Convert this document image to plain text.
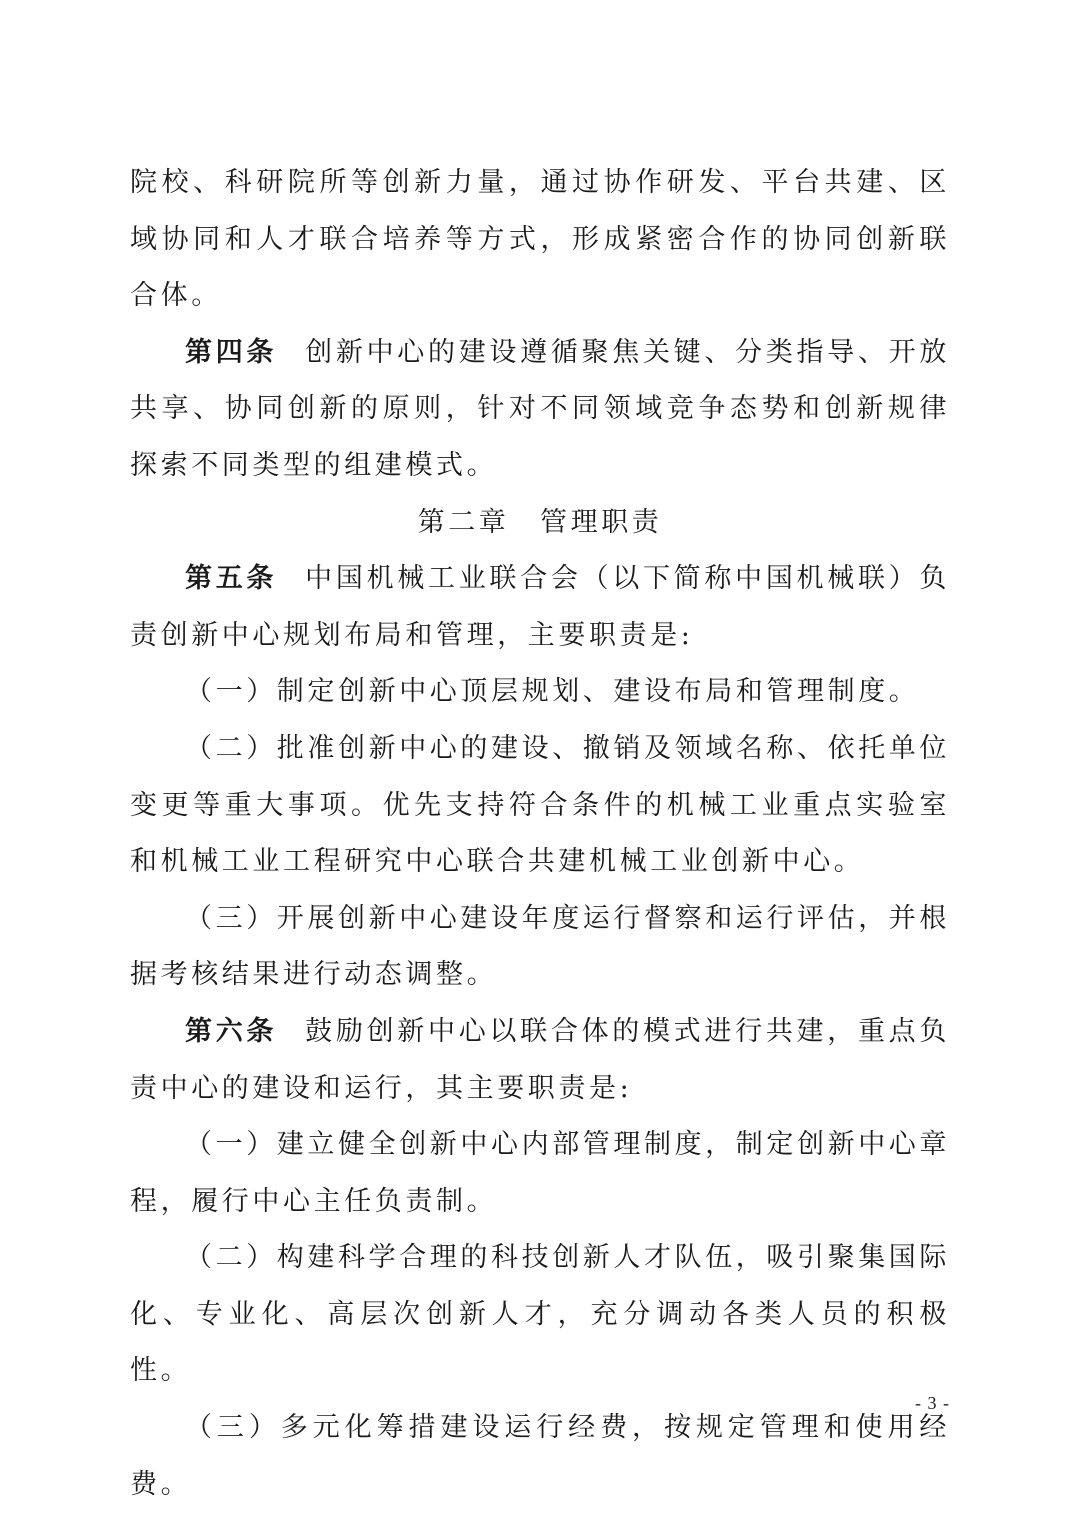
院校、科研院所等创新力量，通过协作研发、平台共建、区域协同和人才联合培养等方式，形成紧密合作的协同创新联合体。

第四条 创新中心的建设遵循聚焦关键、分类指导、开放共享、协同创新的原则，针对不同领域竞争态势和创新规律探索不同类型的组建模式。

第二章　管理职责

第五条 中国机械工业联合会（以下简称中国机械联）负责创新中心规划布局和管理，主要职责是:

（一）制定创新中心顶层规划、建设布局和管理制度。

（二）批准创新中心的建设、撤销及领域名称、依托单位变更等重大事项。优先支持符合条件的机械工业重点实验室和机械工业工程研究中心联合共建机械工业创新中心。

（三）开展创新中心建设年度运行督察和运行评估，并根据考核结果进行动态调整。

第六条 鼓励创新中心以联合体的模式进行共建，重点负责中心的建设和运行，其主要职责是:

（一）建立健全创新中心内部管理制度，制定创新中心章程，履行中心主任负责制。

（二）构建科学合理的科技创新人才队伍，吸引聚集国际化、专业化、高层次创新人才，充分调动各类人员的积极性。

（三）多元化筹措建设运行经费，按规定管理和使用经费。

- 3 -
